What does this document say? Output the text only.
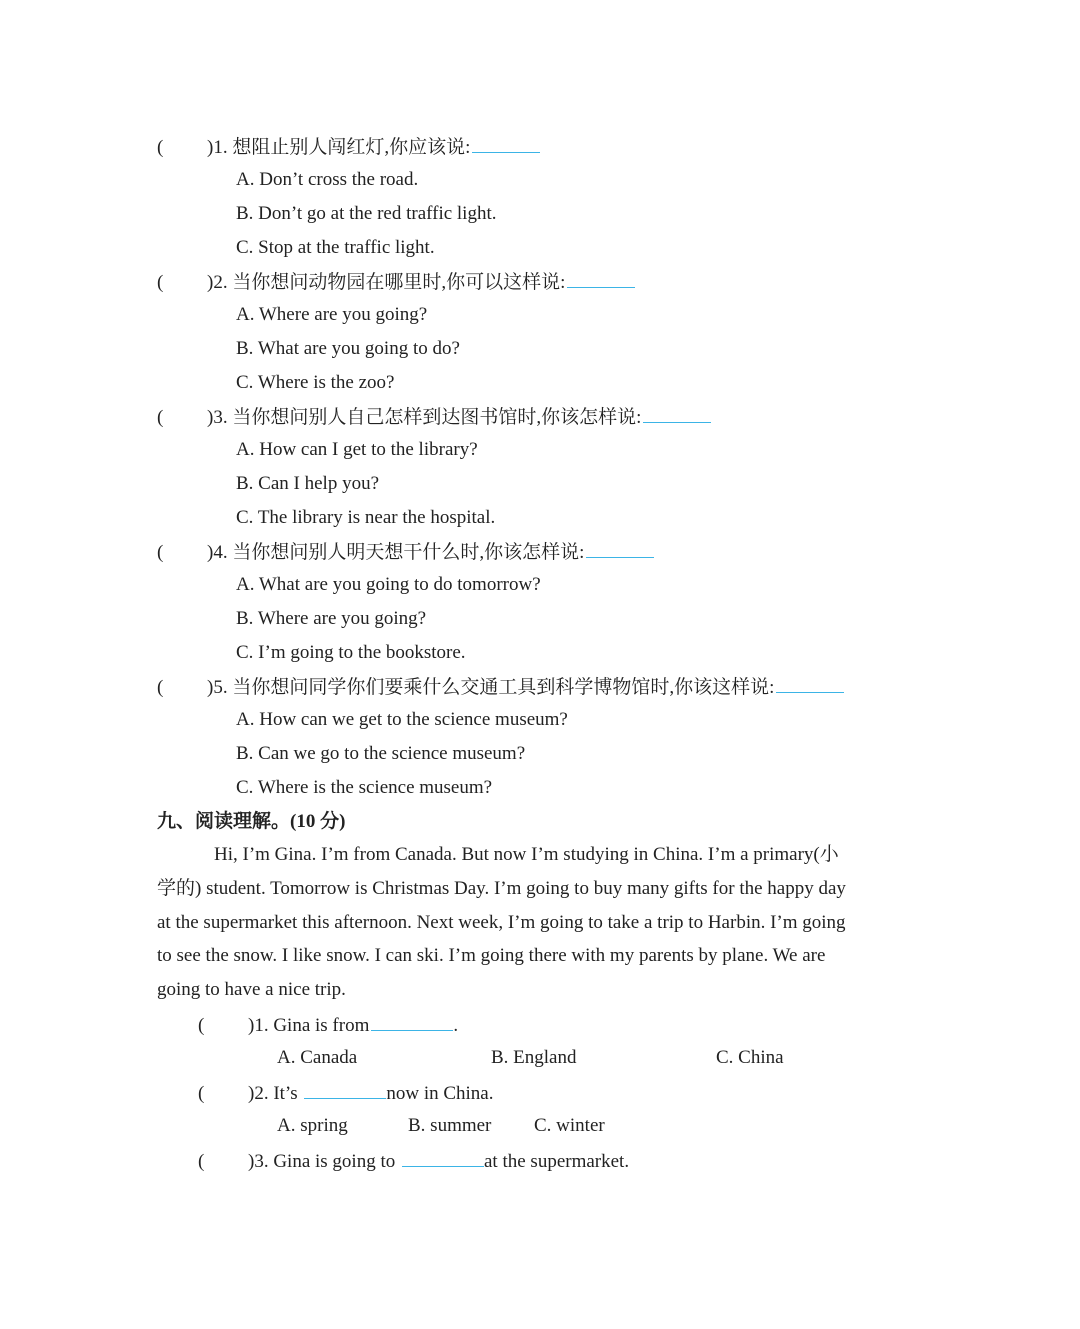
( )1. 想阻止别人闯红灯,你应该说:
A. Don’t cross the road.
B. Don’t go at the red traffic light.
C. Stop at the traffic light.
( )2. 当你想问动物园在哪里时,你可以这样说:
A. Where are you going?
B. What are you going to do?
C. Where is the zoo?
( )3. 当你想问别人自己怎样到达图书馆时,你该怎样说:
A. How can I get to the library?
B. Can I help you?
C. The library is near the hospital.
( )4. 当你想问别人明天想干什么时,你该怎样说:
A. What are you going to do tomorrow?
B. Where are you going?
C. I’m going to the bookstore.
( )5. 当你想问同学你们要乘什么交通工具到科学博物馆时,你该这样说:
A. How can we get to the science museum?
B. Can we go to the science museum?
C. Where is the science museum?
九、阅读理解。(10 分)
Hi, I’m Gina. I’m from Canada. But now I’m studying in China. I’m a primary(小
学的) student. Tomorrow is Christmas Day. I’m going to buy many gifts for the happy day
at the supermarket this afternoon. Next week, I’m going to take a trip to Harbin. I’m going
to see the snow. I like snow. I can ski. I’m going there with my parents by plane. We are
going to have a nice trip.
( )1. Gina is from	.
A. Canada	B. England	C. China
( )2. It’s	now in China.
A. spring	B. summer C. winter
( )3. Gina is going to	at the supermarket.
